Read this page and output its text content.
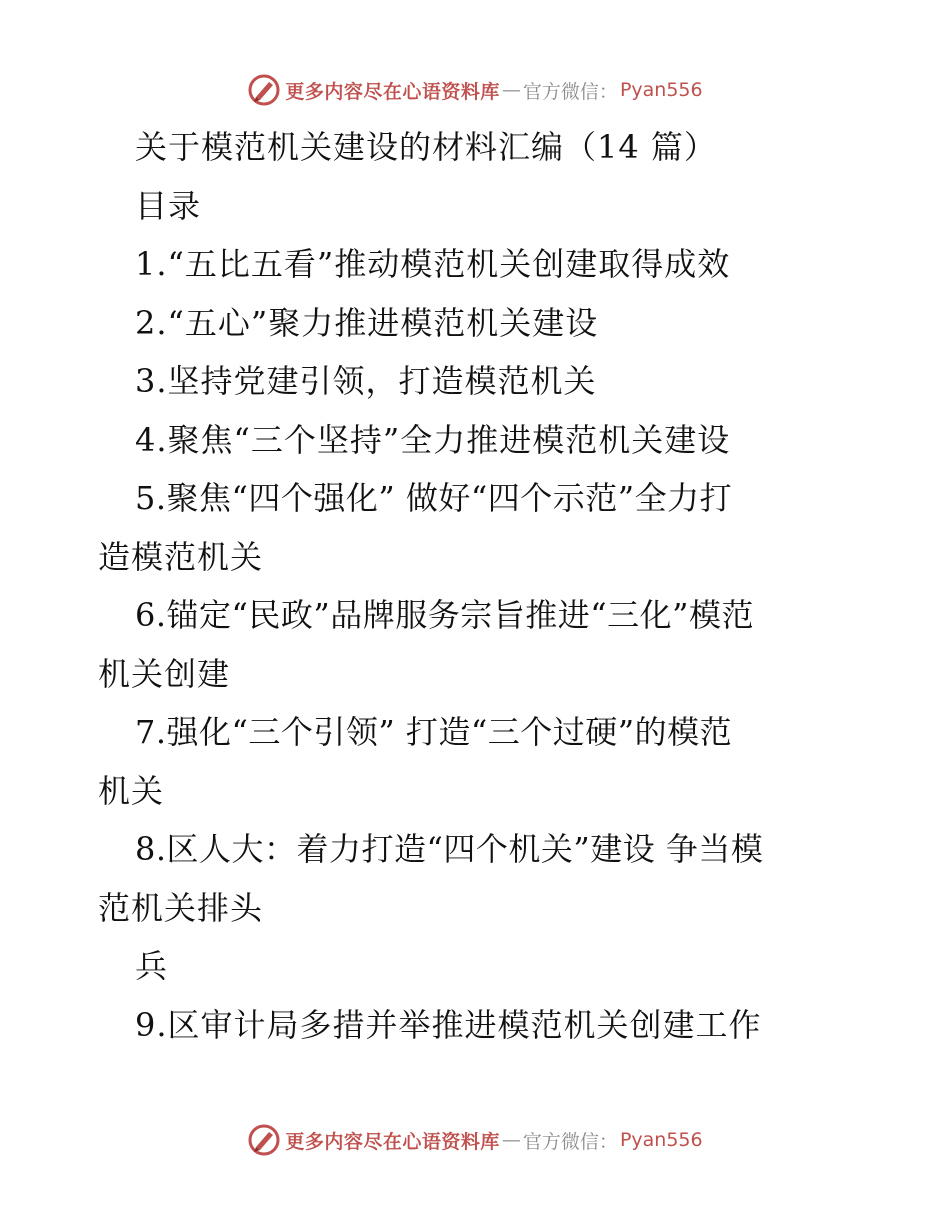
更多内容尽在心语资料库 — 官方微信： Pyan556
关于模范机关建设的材料汇编（14 篇）
目录
1.“五比五看”推动模范机关创建取得成效
2.“五心”聚力推进模范机关建设
3.坚持党建引领，打造模范机关
4.聚焦“三个坚持”全力推进模范机关建设
5.聚焦“四个强化” 做好“四个示范”全力打
造模范机关
6.锚定“民政”品牌服务宗旨推进“三化”模范
机关创建
7.强化“三个引领” 打造“三个过硬”的模范
机关
8.区人大：着力打造“四个机关”建设 争当模
范机关排头
兵
9.区审计局多措并举推进模范机关创建工作
更多内容尽在心语资料库 — 官方微信： Pyan556
